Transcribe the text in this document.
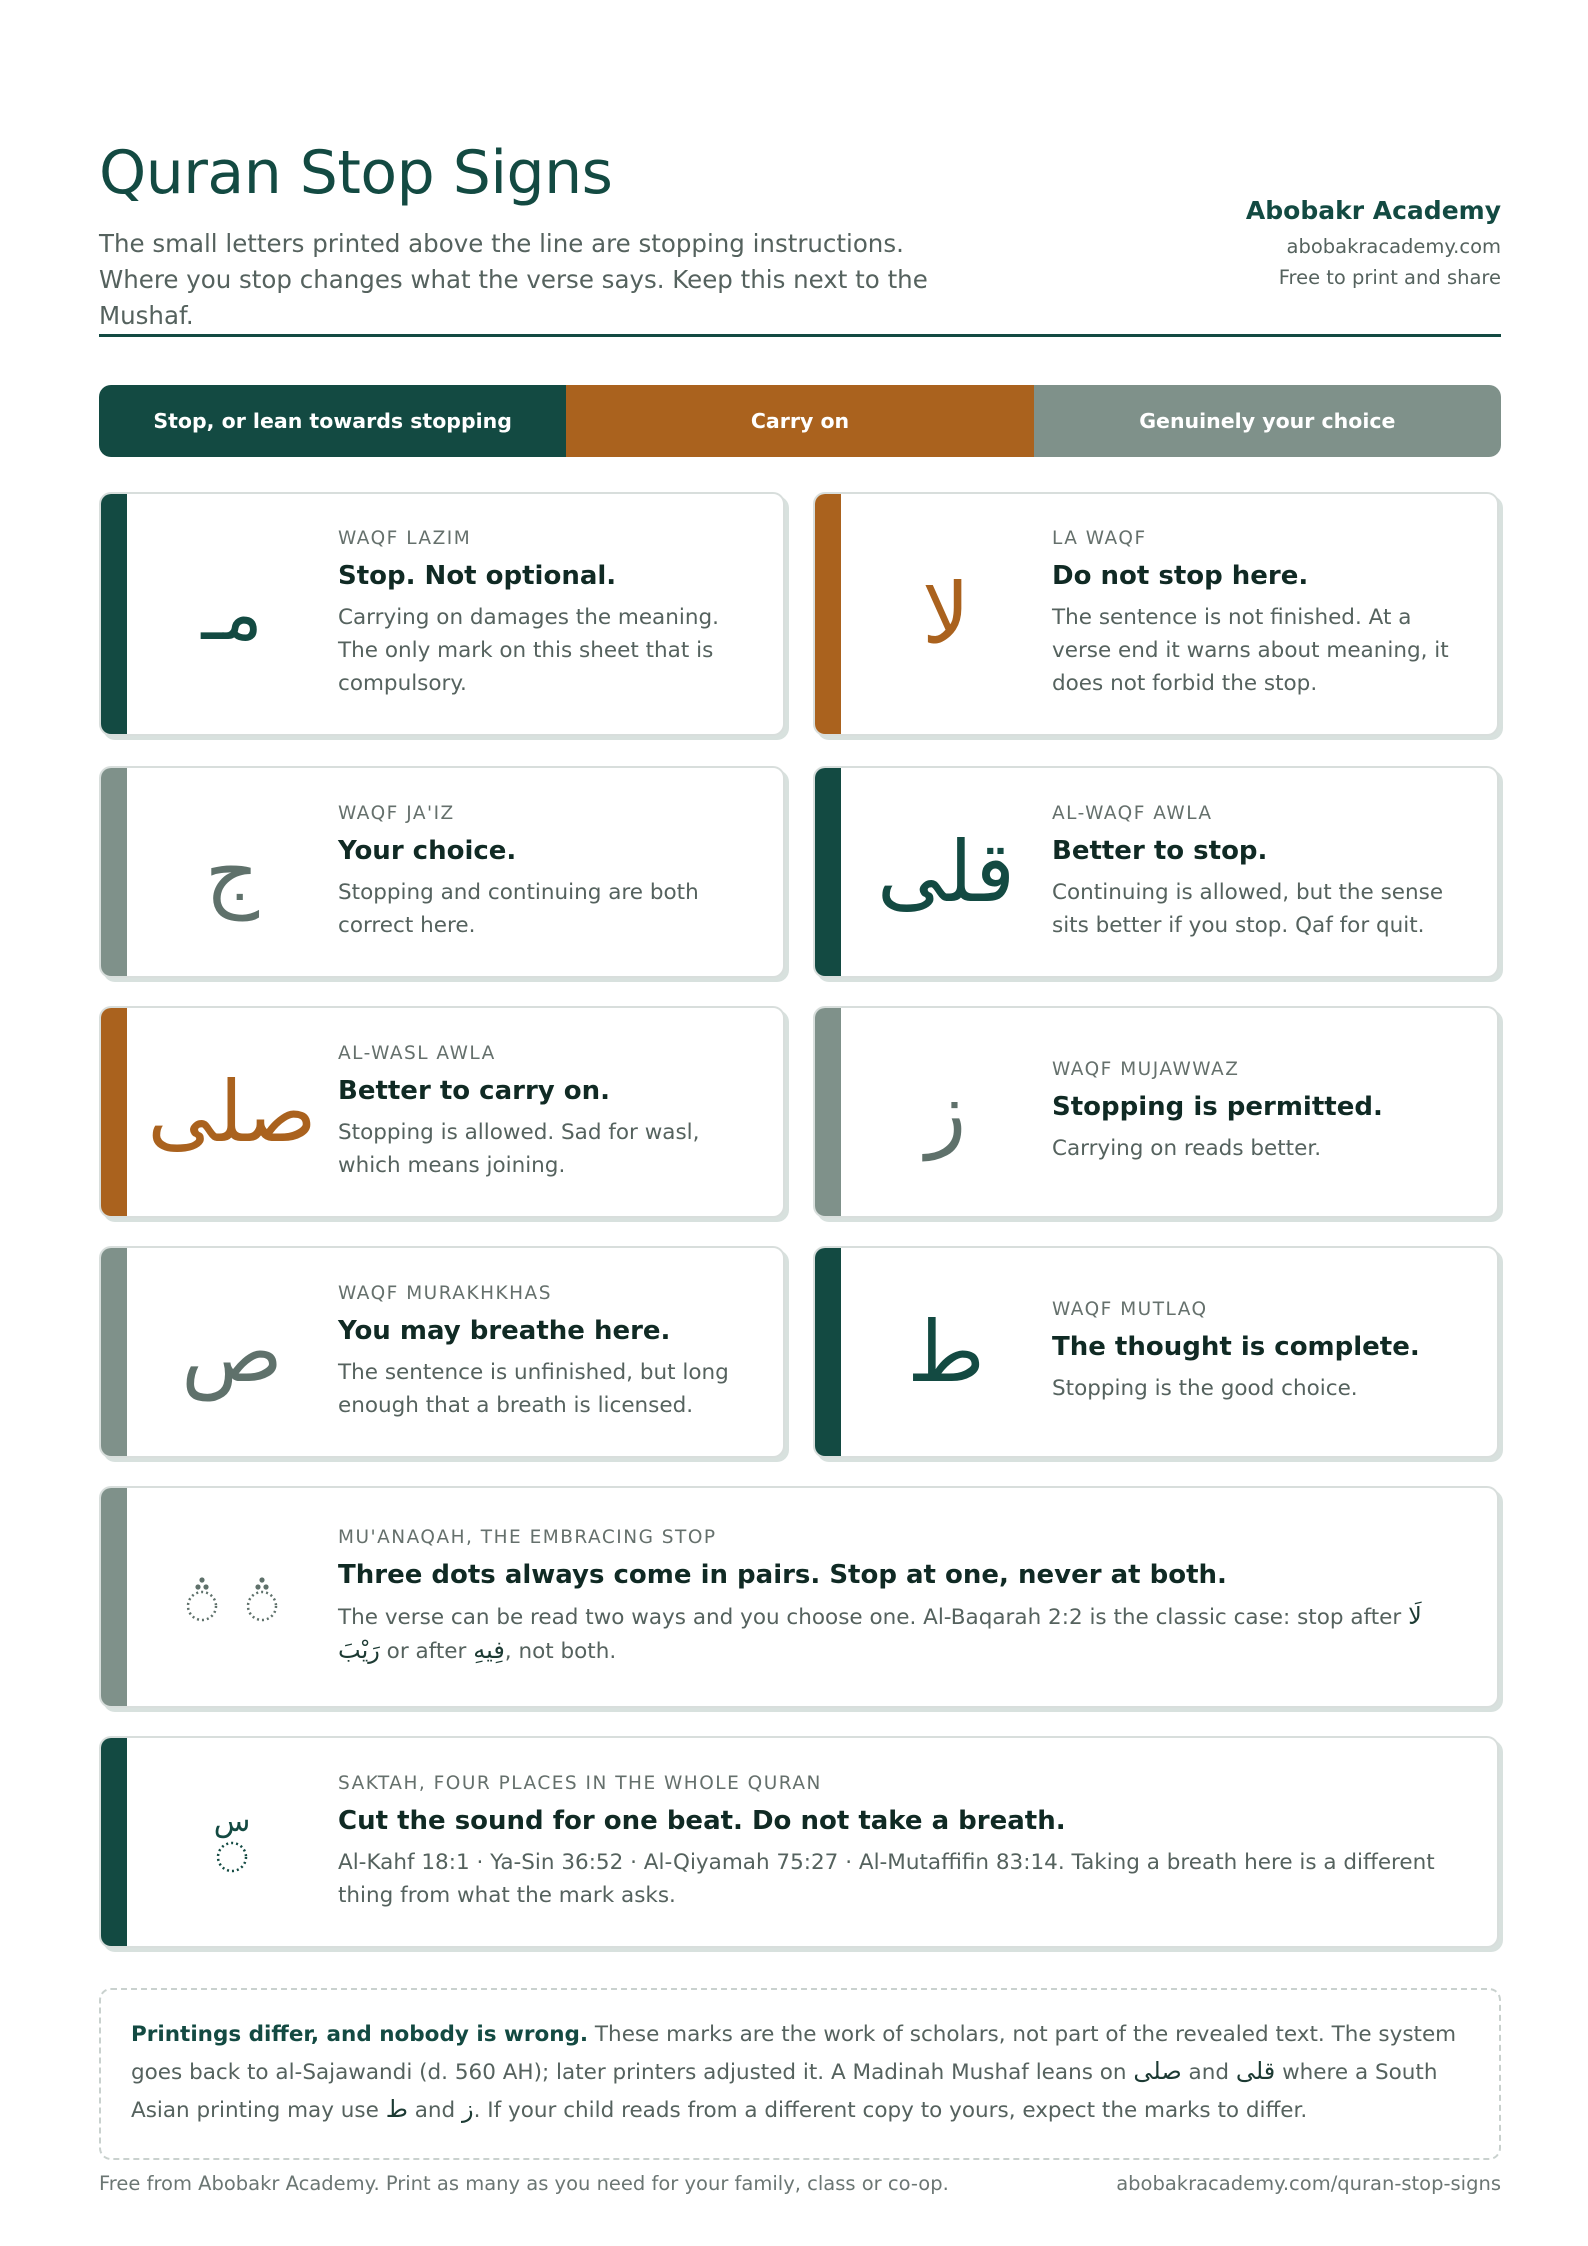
Quran Stop Signs

The small letters printed above the line are stopping instructions. Where you stop changes what the verse says. Keep this next to the Mushaf.

Abobakr Academy
abobakracademy.com
Free to print and share
Stop, or lean towards stopping	Carry on	Genuinely your choice
مـ
WAQF LAZIM
Stop. Not optional.
Carrying on damages the meaning. The only mark on this sheet that is compulsory.
لا
LA WAQF
Do not stop here.
The sentence is not finished. At a verse end it warns about meaning, it does not forbid the stop.
ج
WAQF JA'IZ
Your choice.
Stopping and continuing are both correct here.
قلى
AL-WAQF AWLA
Better to stop.
Continuing is allowed, but the sense sits better if you stop. Qaf for quit.
صلى
AL-WASL AWLA
Better to carry on.
Stopping is allowed. Sad for wasl, which means joining.
ز	WAQF MUJAWWAZ
Stopping is permitted.
Carrying on reads better.
ص
WAQF MURAKHKHAS
You may breathe here.
The sentence is unfinished, but long enough that a breath is licensed.
ط	WAQF MUTLAQ
The thought is complete.
Stopping is the good choice.
MU'ANAQAH, THE EMBRACING STOP
Three dots always come in pairs. Stop at one, never at both.
The verse can be read two ways and you choose one. Al-Baqarah 2:2 is the classic case: stop after لَا رَيْبَ or after فِيهِ, not both.
س
SAKTAH, FOUR PLACES IN THE WHOLE QURAN
Cut the sound for one beat. Do not take a breath.
Al-Kahf 18:1 · Ya-Sin 36:52 · Al-Qiyamah 75:27 · Al-Mutaffifin 83:14. Taking a breath here is a different thing from what the mark asks.
Printings differ, and nobody is wrong. These marks are the work of scholars, not part of the revealed text. The system goes back to al-Sajawandi (d. 560 AH); later printers adjusted it. A Madinah Mushaf leans on صلى and قلى where a South Asian printing may use ط and ز. If your child reads from a different copy to yours, expect the marks to differ.
Free from Abobakr Academy. Print as many as you need for your family, class or co-op.	abobakracademy.com/quran-stop-signs
